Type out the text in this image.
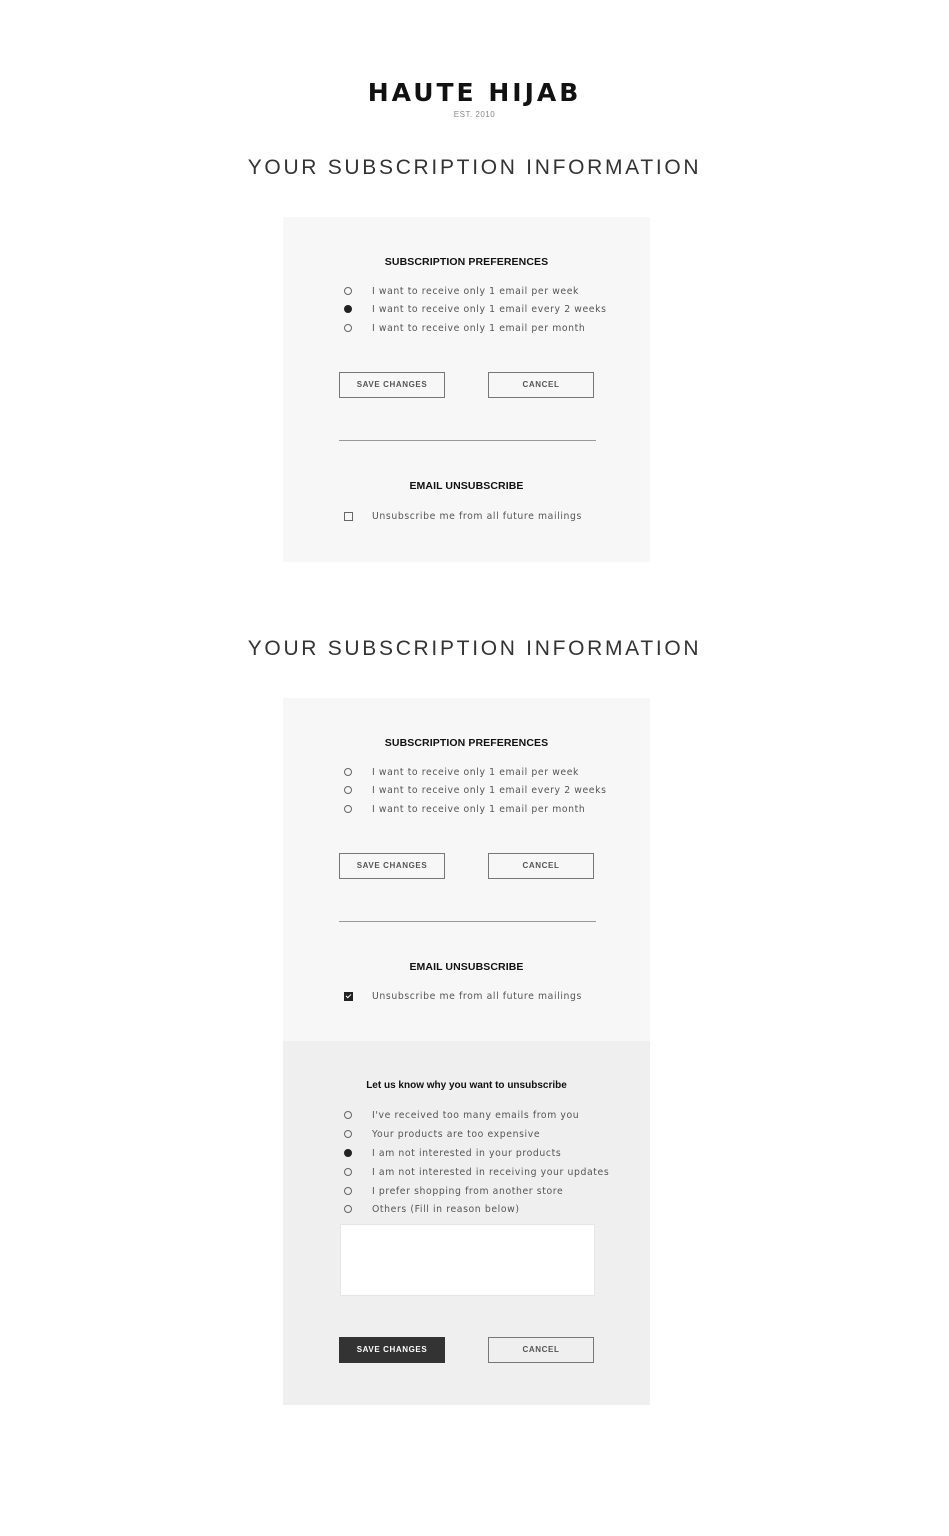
HAUTE HIJAB
EST. 2010
YOUR SUBSCRIPTION INFORMATION
SUBSCRIPTION PREFERENCES
I want to receive only 1 email per week
I want to receive only 1 email every 2 weeks
I want to receive only 1 email per month
SAVE CHANGES	CANCEL
EMAIL UNSUBSCRIBE
Unsubscribe me from all future mailings
YOUR SUBSCRIPTION INFORMATION
SUBSCRIPTION PREFERENCES
I want to receive only 1 email per week
I want to receive only 1 email every 2 weeks
I want to receive only 1 email per month
SAVE CHANGES	CANCEL
EMAIL UNSUBSCRIBE
Unsubscribe me from all future mailings
Let us know why you want to unsubscribe
I've received too many emails from you
Your products are too expensive
I am not interested in your products
I am not interested in receiving your updates
I prefer shopping from another store
Others (Fill in reason below)
SAVE CHANGES	CANCEL
